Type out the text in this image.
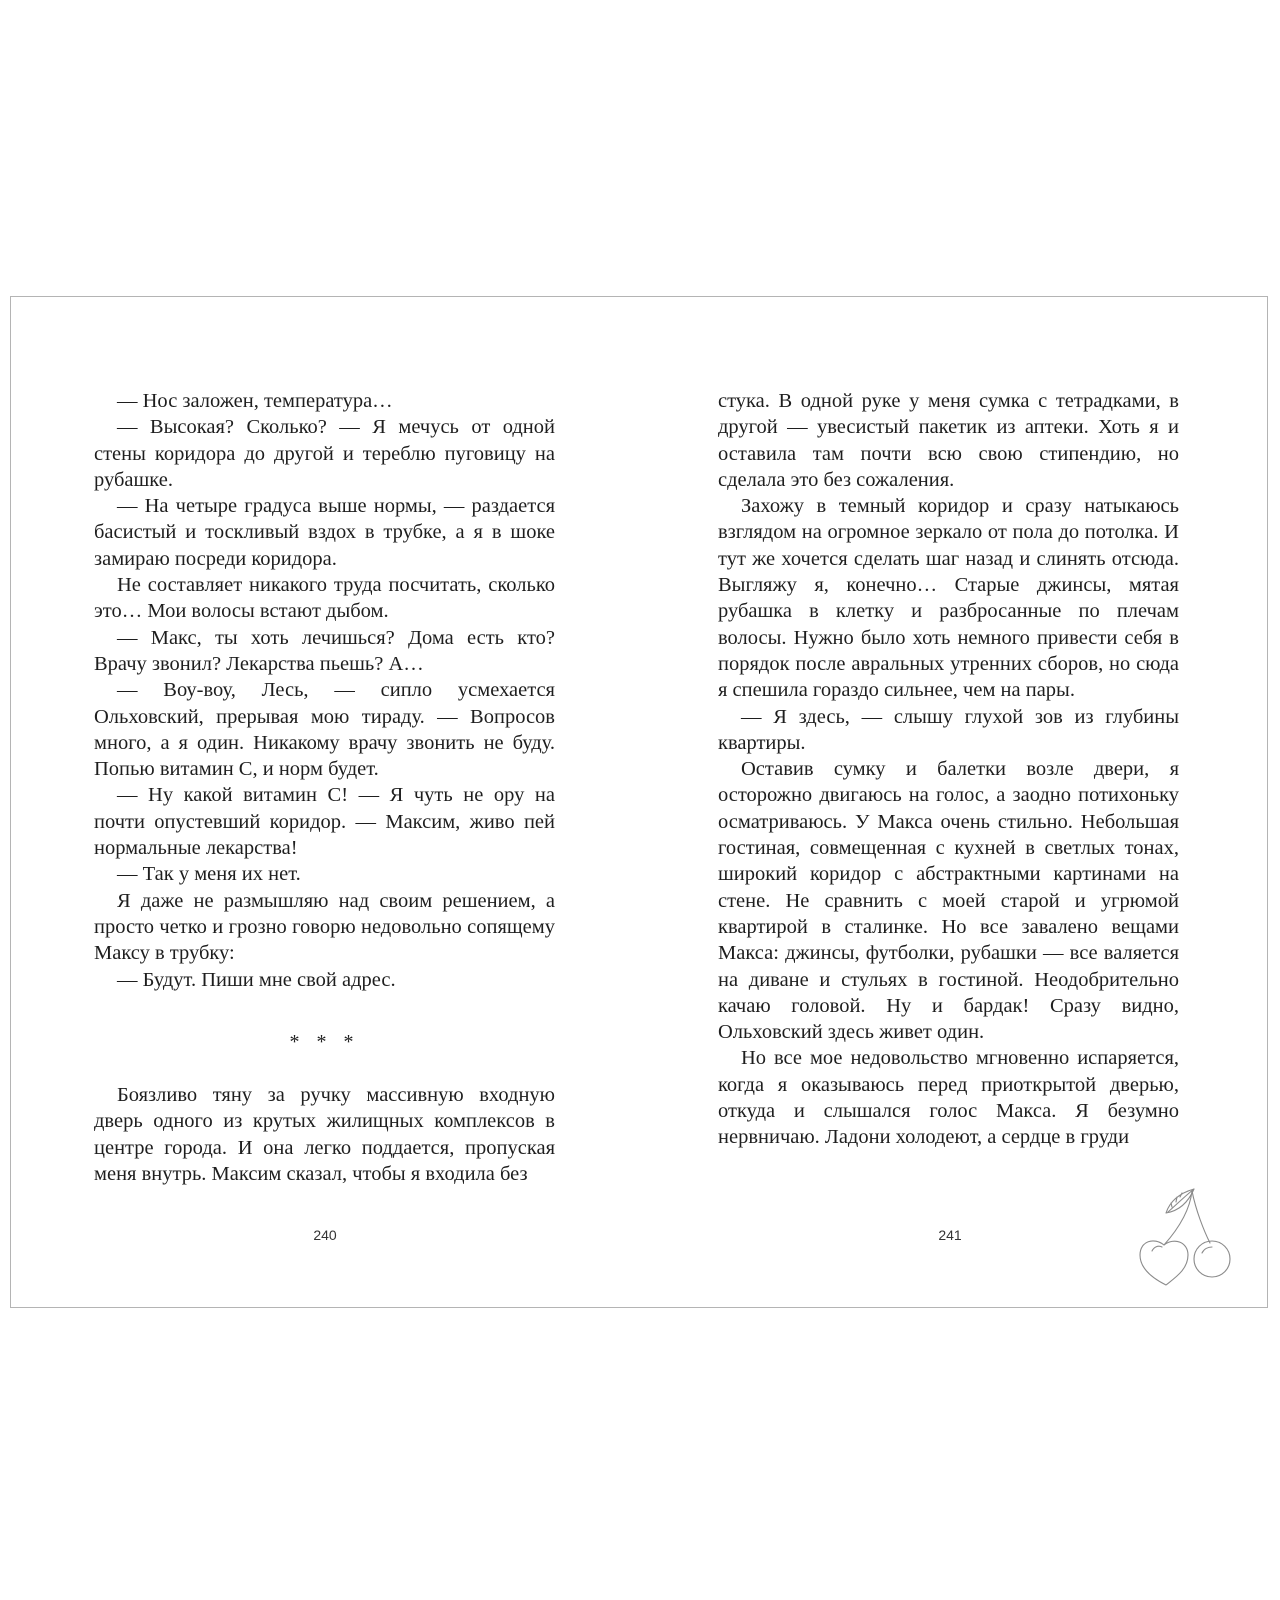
— Нос заложен, температура…

— Высокая? Сколько? — Я мечусь от одной стены коридора до другой и тереблю пуговицу на рубашке.

— На четыре градуса выше нормы, — раздается басистый и тоскливый вздох в трубке, а я в шоке замираю посреди коридора.

Не составляет никакого труда посчитать, сколько это… Мои волосы встают дыбом.

— Макс, ты хоть лечишься? Дома есть кто? Врачу звонил? Лекарства пьешь? А…

— Воу-воу, Лесь, — сипло усмехается Ольховский, прерывая мою тираду. — Вопросов много, а я один. Никакому врачу звонить не буду. Попью витамин С, и норм будет.

— Ну какой витамин С! — Я чуть не ору на почти опустевший коридор. — Максим, живо пей нормальные лекарства!

— Так у меня их нет.

Я даже не размышляю над своим решением, а просто четко и грозно говорю недовольно сопящему Максу в трубку:

— Будут. Пиши мне свой адрес.

* * *

Боязливо тяну за ручку массивную входную дверь одного из крутых жилищных комплексов в центре города. И она легко поддается, пропуская меня внутрь. Максим сказал, чтобы я входила без

стука. В одной руке у меня сумка с тетрадками, в другой — увесистый пакетик из аптеки. Хоть я и оставила там почти всю свою стипендию, но сделала это без сожаления.

Захожу в темный коридор и сразу натыкаюсь взглядом на огромное зеркало от пола до потолка. И тут же хочется сделать шаг назад и слинять отсюда. Выгляжу я, конечно… Старые джинсы, мятая рубашка в клетку и разбросанные по плечам волосы. Нужно было хоть немного привести себя в порядок после авральных утренних сборов, но сюда я спешила гораздо сильнее, чем на пары.

— Я здесь, — слышу глухой зов из глубины квартиры.

Оставив сумку и балетки возле двери, я осторожно двигаюсь на голос, а заодно потихоньку осматриваюсь. У Макса очень стильно. Небольшая гостиная, совмещенная с кухней в светлых тонах, широкий коридор с абстрактными картинами на стене. Не сравнить с моей старой и угрюмой квартирой в сталинке. Но все завалено вещами Макса: джинсы, футболки, рубашки — все валяется на диване и стульях в гостиной. Неодобрительно качаю головой. Ну и бардак! Сразу видно, Ольховский здесь живет один.

Но все мое недовольство мгновенно испаряется, когда я оказываюсь перед приоткрытой дверью, откуда и слышался голос Макса. Я безумно нервничаю. Ладони холодеют, а сердце в груди

240	241
